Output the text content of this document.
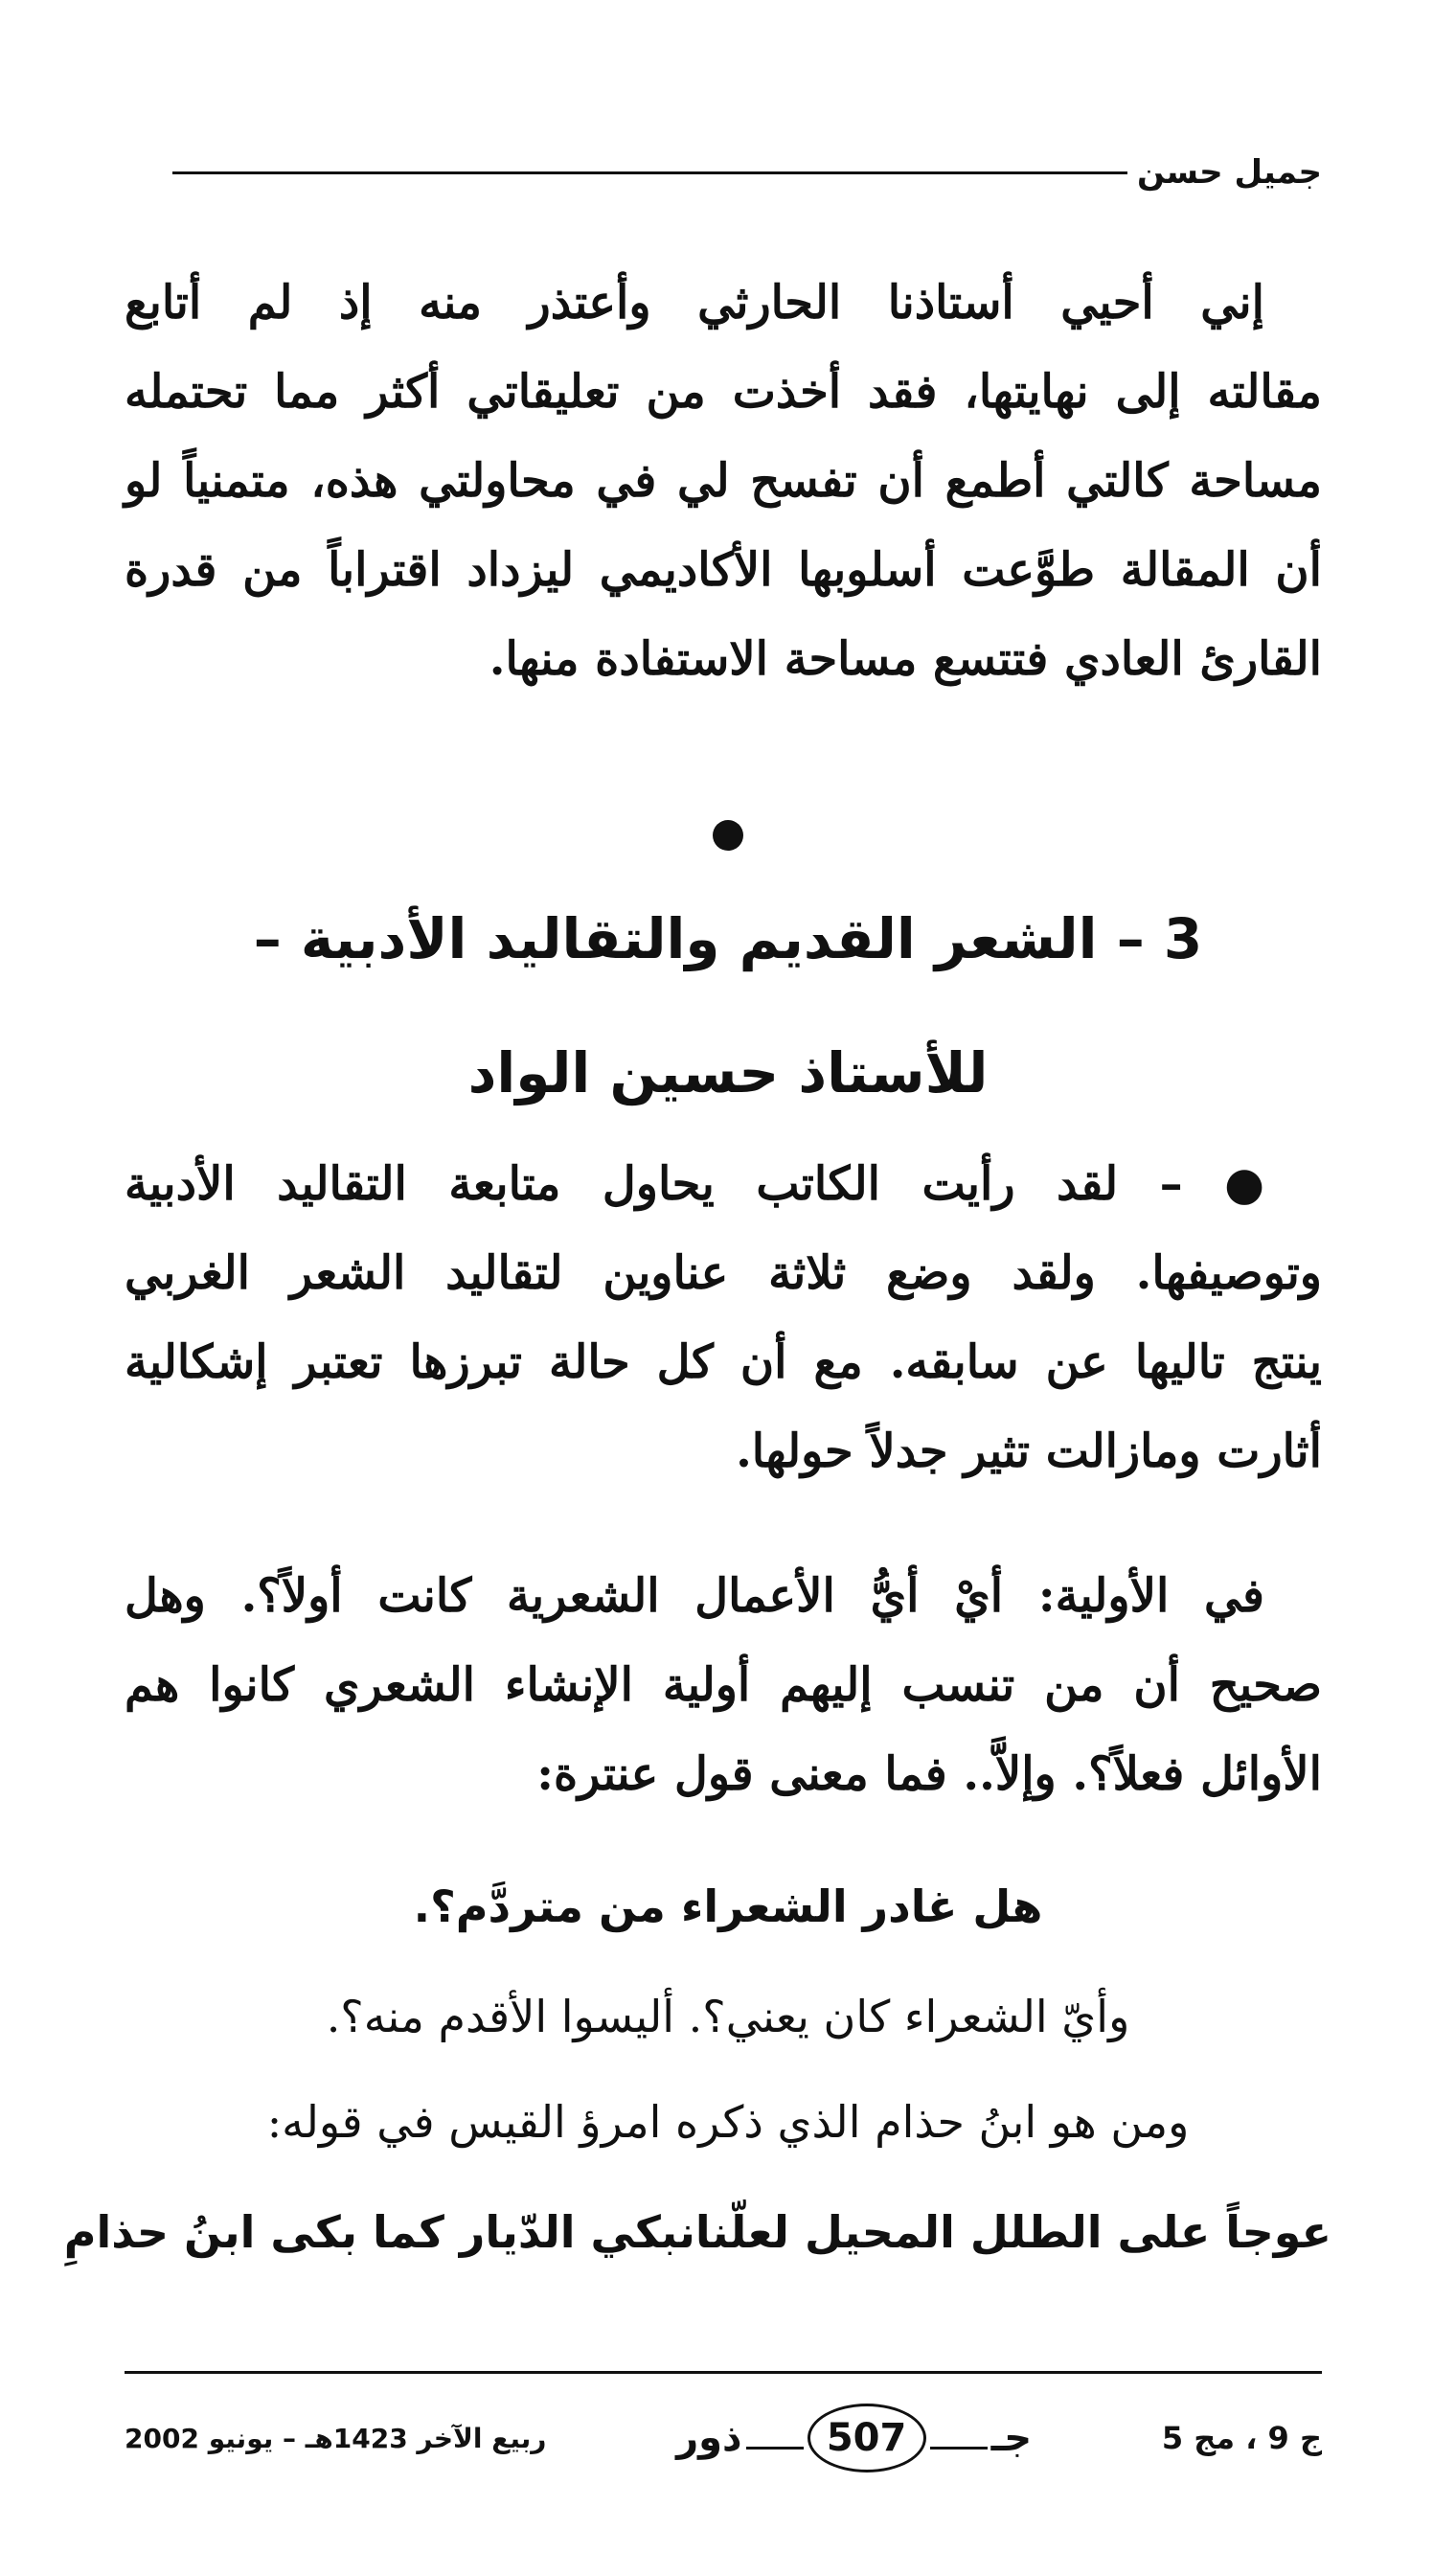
جميل حسن
إني أحيي أستاذنا الحارثي وأعتذر منه إذ لم أتابع
مقالته إلى نهايتها، فقد أخذت من تعليقاتي أكثر مما تحتمله
مساحة كالتي أطمع أن تفسح لي في محاولتي هذه، متمنياً لو
أن المقالة طوَّعت أسلوبها الأكاديمي ليزداد اقتراباً من قدرة
القارئ العادي فتتسع مساحة الاستفادة منها.
3 – الشعر القديم والتقاليد الأدبية –
للأستاذ حسين الواد
● – لقد رأيت الكاتب يحاول متابعة التقاليد الأدبية
وتوصيفها. ولقد وضع ثلاثة عناوين لتقاليد الشعر الغربي
ينتج تاليها عن سابقه. مع أن كل حالة تبرزها تعتبر إشكالية
أثارت ومازالت تثير جدلاً حولها.
في الأولية: أيْ أيُّ الأعمال الشعرية كانت أولاً؟. وهل
صحيح أن من تنسب إليهم أولية الإنشاء الشعري كانوا هم
الأوائل فعلاً؟. وإلاَّ.. فما معنى قول عنترة:
هل غادر الشعراء من متردَّم؟.
وأيّ الشعراء كان يعني؟. أليسوا الأقدم منه؟.
ومن هو ابنُ حذام الذي ذكره امرؤ القيس في قوله:
عوجاً على الطلل المحيل لعلّنا
نبكي الدّيار كما بكى ابنُ حذامِ
ج 9 ، مج 5
جـ
507
ذور
ربيع الآخر 1423هـ – يونيو 2002
